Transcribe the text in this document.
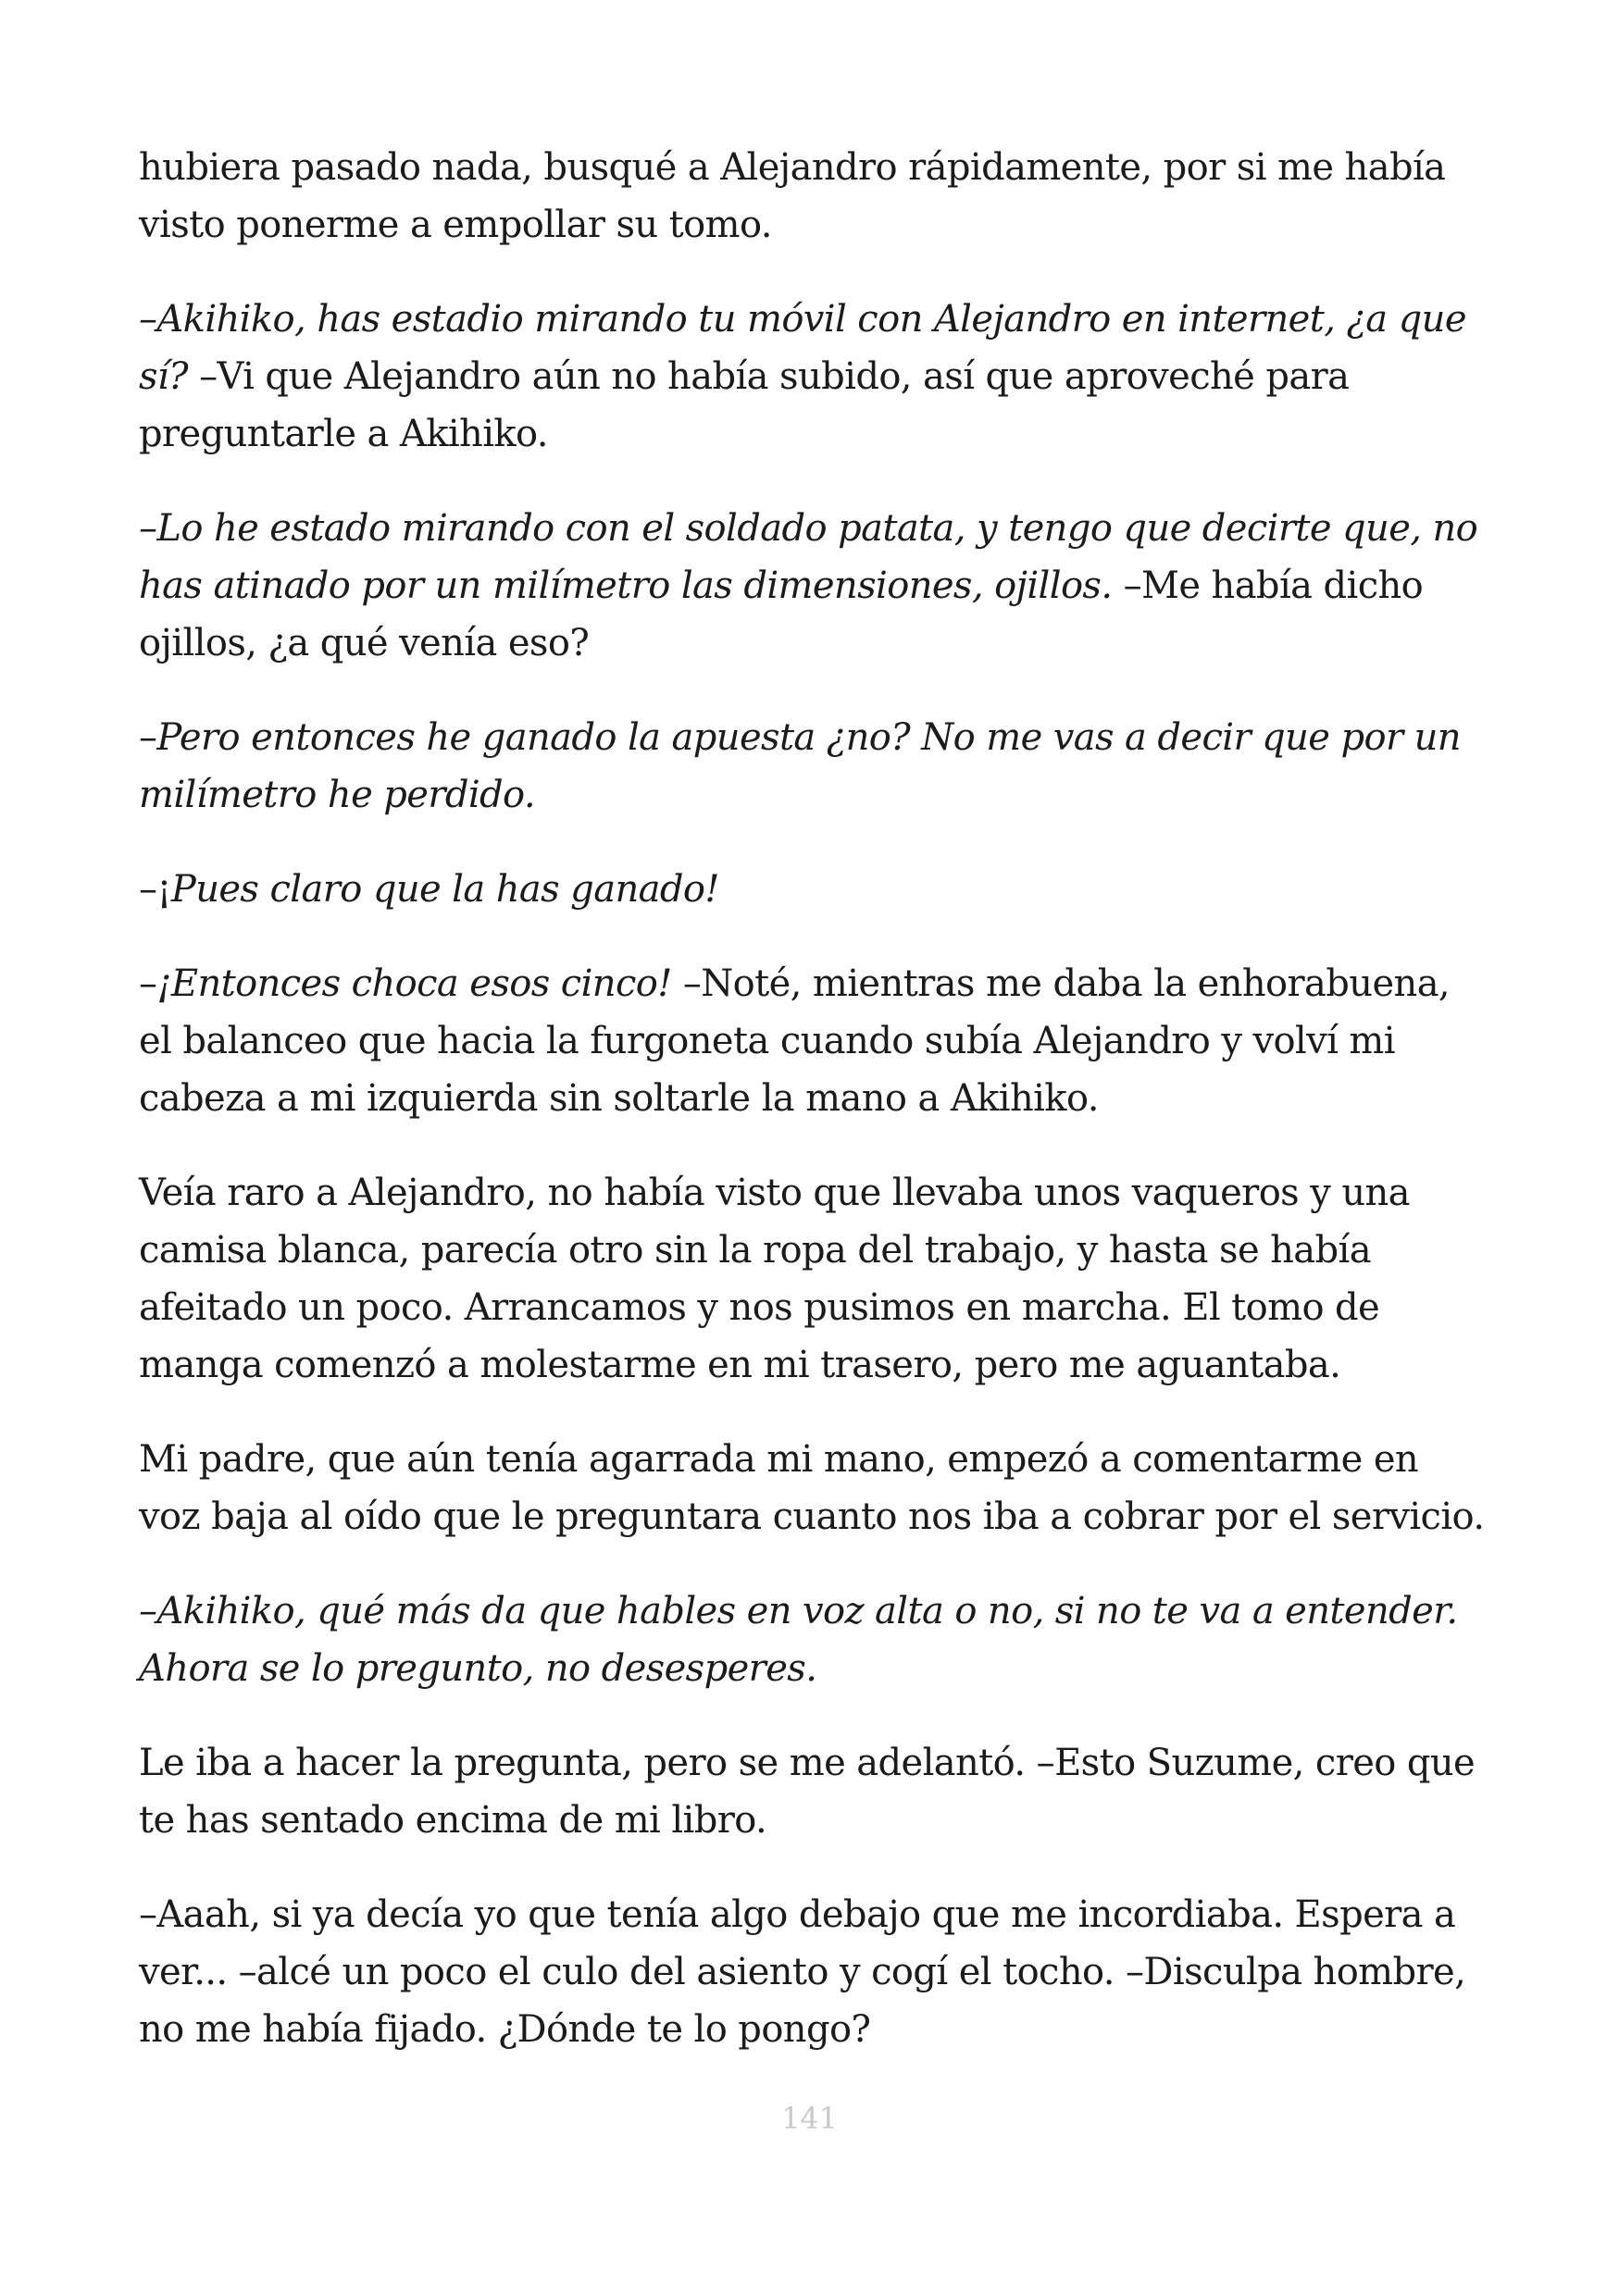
hubiera pasado nada, busqué a Alejandro rápidamente, por si me había visto ponerme a empollar su tomo.

–Akihiko, has estadio mirando tu móvil con Alejandro en internet, ¿a que sí? –Vi que Alejandro aún no había subido, así que aproveché para preguntarle a Akihiko.

–Lo he estado mirando con el soldado patata, y tengo que decirte que, no has atinado por un milímetro las dimensiones, ojillos. –Me había dicho ojillos, ¿a qué venía eso?

–Pero entonces he ganado la apuesta ¿no? No me vas a decir que por un milímetro he perdido.

–¡Pues claro que la has ganado!

–¡Entonces choca esos cinco! –Noté, mientras me daba la enhorabuena, el balanceo que hacia la furgoneta cuando subía Alejandro y volví mi cabeza a mi izquierda sin soltarle la mano a Akihiko.

Veía raro a Alejandro, no había visto que llevaba unos vaqueros y una camisa blanca, parecía otro sin la ropa del trabajo, y hasta se había afeitado un poco. Arrancamos y nos pusimos en marcha. El tomo de manga comenzó a molestarme en mi trasero, pero me aguantaba.

Mi padre, que aún tenía agarrada mi mano, empezó a comentarme en voz baja al oído que le preguntara cuanto nos iba a cobrar por el servicio.

–Akihiko, qué más da que hables en voz alta o no, si no te va a entender. Ahora se lo pregunto, no desesperes.

Le iba a hacer la pregunta, pero se me adelantó. –Esto Suzume, creo que te has sentado encima de mi libro.

–Aaah, si ya decía yo que tenía algo debajo que me incordiaba. Espera a ver... –alcé un poco el culo del asiento y cogí el tocho. –Disculpa hombre, no me había fijado. ¿Dónde te lo pongo?

141
